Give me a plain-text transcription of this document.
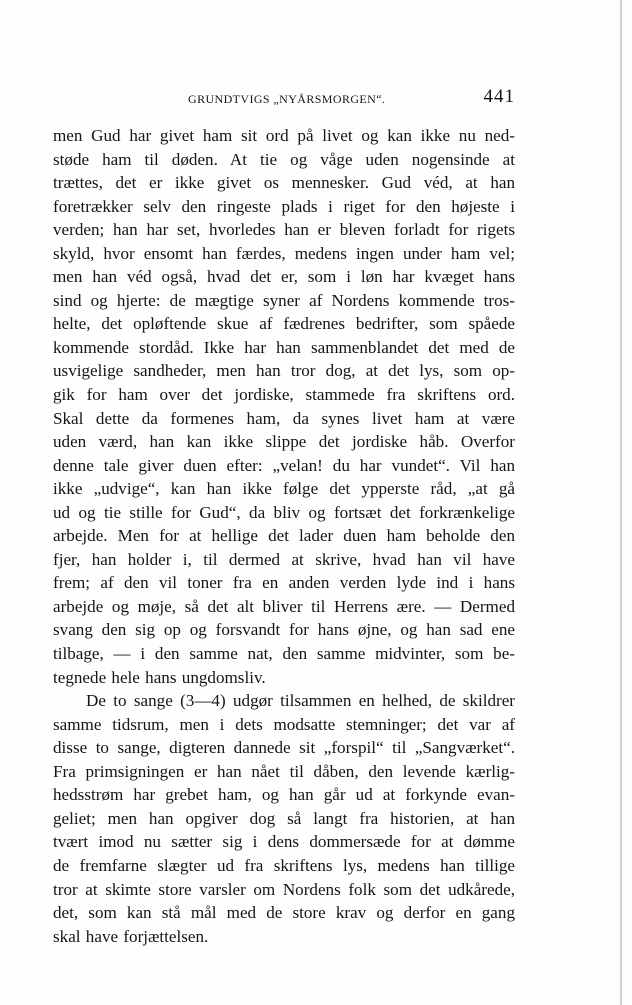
GRUNDTVIGS „NYÅRSMORGEN“.	441
men Gud har givet ham sit ord på livet og kan ikke nu ned-
støde ham til døden. At tie og våge uden nogensinde at
trættes, det er ikke givet os mennesker. Gud véd, at han
foretrækker selv den ringeste plads i riget for den højeste i
verden; han har set, hvorledes han er bleven forladt for rigets
skyld, hvor ensomt han færdes, medens ingen under ham vel;
men han véd også, hvad det er, som i løn har kvæget hans
sind og hjerte: de mægtige syner af Nordens kommende tros-
helte, det opløftende skue af fædrenes bedrifter, som spåede
kommende stordåd. Ikke har han sammenblandet det med de
usvigelige sandheder, men han tror dog, at det lys, som op-
gik for ham over det jordiske, stammede fra skriftens ord.
Skal dette da formenes ham, da synes livet ham at være
uden værd, han kan ikke slippe det jordiske håb. Overfor
denne tale giver duen efter: „velan! du har vundet“. Vil han
ikke „udvige“, kan han ikke følge det ypperste råd, „at gå
ud og tie stille for Gud“, da bliv og fortsæt det forkrænkelige
arbejde. Men for at hellige det lader duen ham beholde den
fjer, han holder i, til dermed at skrive, hvad han vil have
frem; af den vil toner fra en anden verden lyde ind i hans
arbejde og møje, så det alt bliver til Herrens ære. — Dermed
svang den sig op og forsvandt for hans øjne, og han sad ene
tilbage, — i den samme nat, den samme midvinter, som be-
tegnede hele hans ungdomsliv.
De to sange (3—4) udgør tilsammen en helhed, de skildrer
samme tidsrum, men i dets modsatte stemninger; det var af
disse to sange, digteren dannede sit „forspil“ til „Sangværket“.
Fra primsigningen er han nået til dåben, den levende kærlig-
hedsstrøm har grebet ham, og han går ud at forkynde evan-
geliet; men han opgiver dog så langt fra historien, at han
tvært imod nu sætter sig i dens dommersæde for at dømme
de fremfarne slægter ud fra skriftens lys, medens han tillige
tror at skimte store varsler om Nordens folk som det udkårede,
det, som kan stå mål med de store krav og derfor en gang
skal have forjættelsen.
